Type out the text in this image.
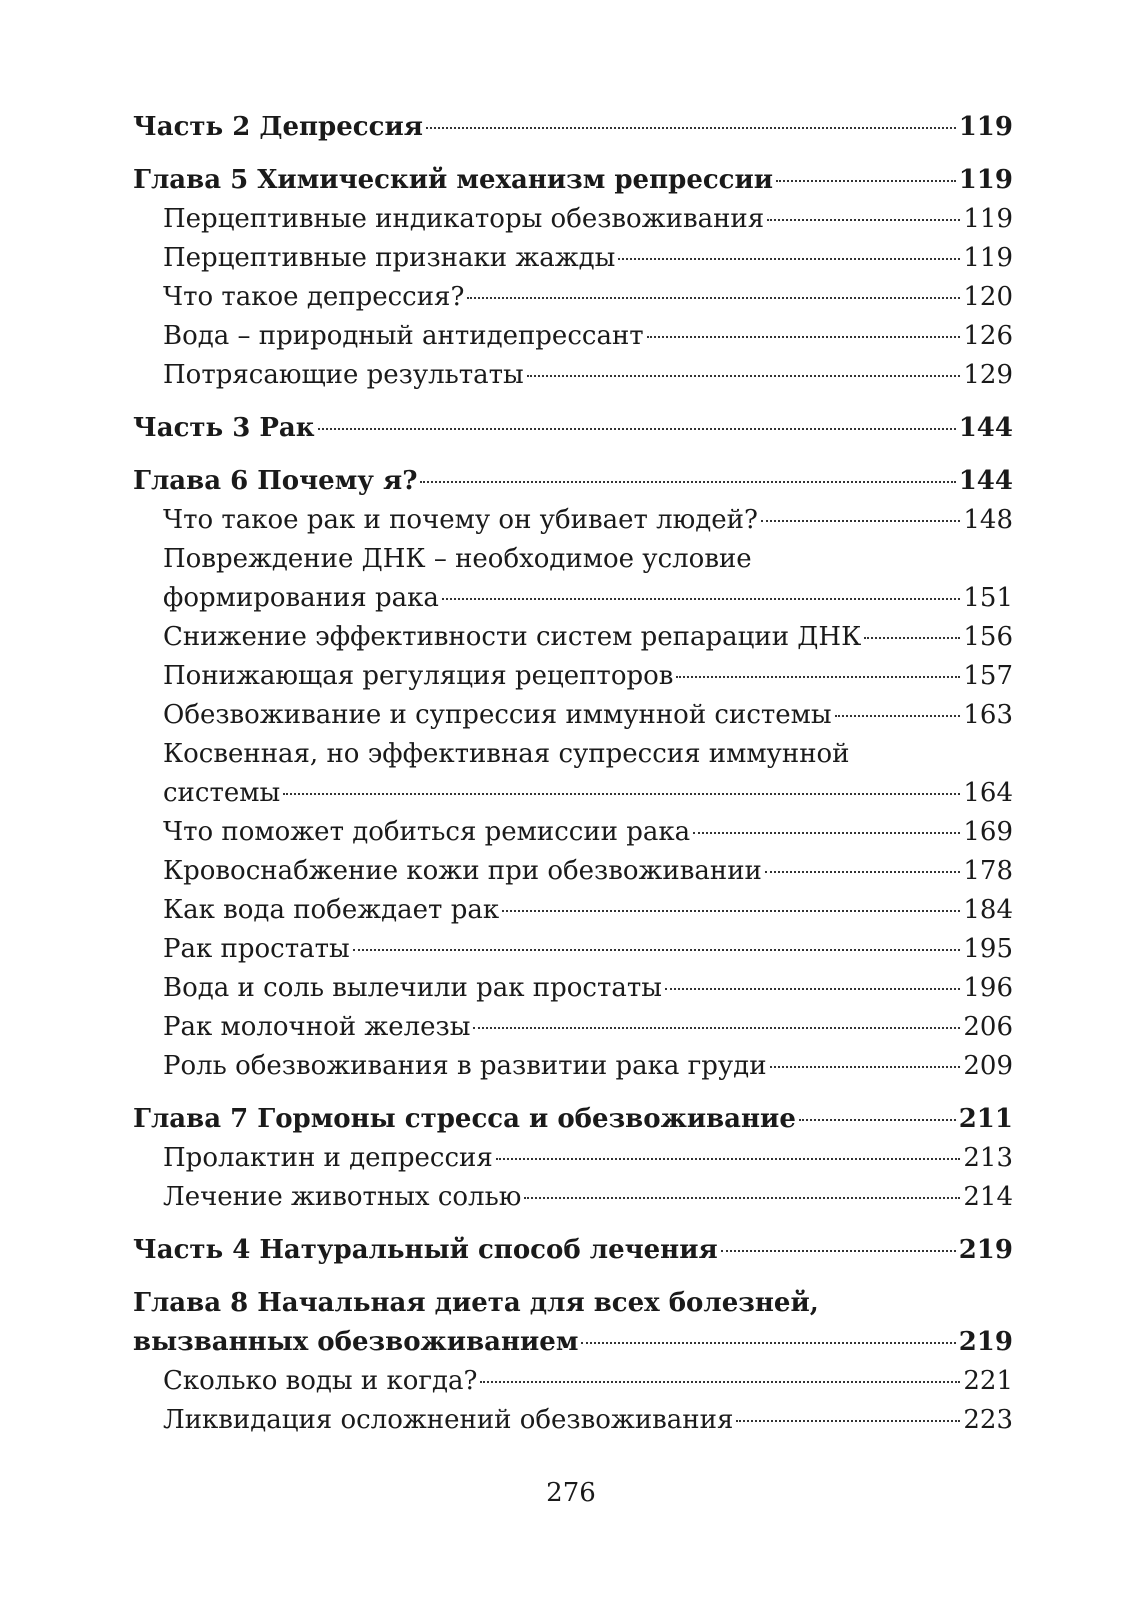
Часть 2 Депрессия	119
Глава 5 Химический механизм репрессии	119
Перцептивные индикаторы обезвоживания	119
Перцептивные признаки жажды	119
Что такое депрессия?	120
Вода – природный антидепрессант	126
Потрясающие результаты	129
Часть 3 Рак	144
Глава 6 Почему я?	144
Что такое рак и почему он убивает людей?	148
Повреждение ДНК – необходимое условие
формирования рака	151
Снижение эффективности систем репарации ДНК	156
Понижающая регуляция рецепторов	157
Обезвоживание и супрессия иммунной системы	163
Косвенная, но эффективная супрессия иммунной
системы	164
Что поможет добиться ремиссии рака	169
Кровоснабжение кожи при обезвоживании	178
Как вода побеждает рак	184
Рак простаты	195
Вода и соль вылечили рак простаты	196
Рак молочной железы	206
Роль обезвоживания в развитии рака груди	209
Глава 7 Гормоны стресса и обезвоживание	211
Пролактин и депрессия	213
Лечение животных солью	214
Часть 4 Натуральный способ лечения	219
Глава 8 Начальная диета для всех болезней,
вызванных обезвоживанием	219
Сколько воды и когда?	221
Ликвидация осложнений обезвоживания	223
276
